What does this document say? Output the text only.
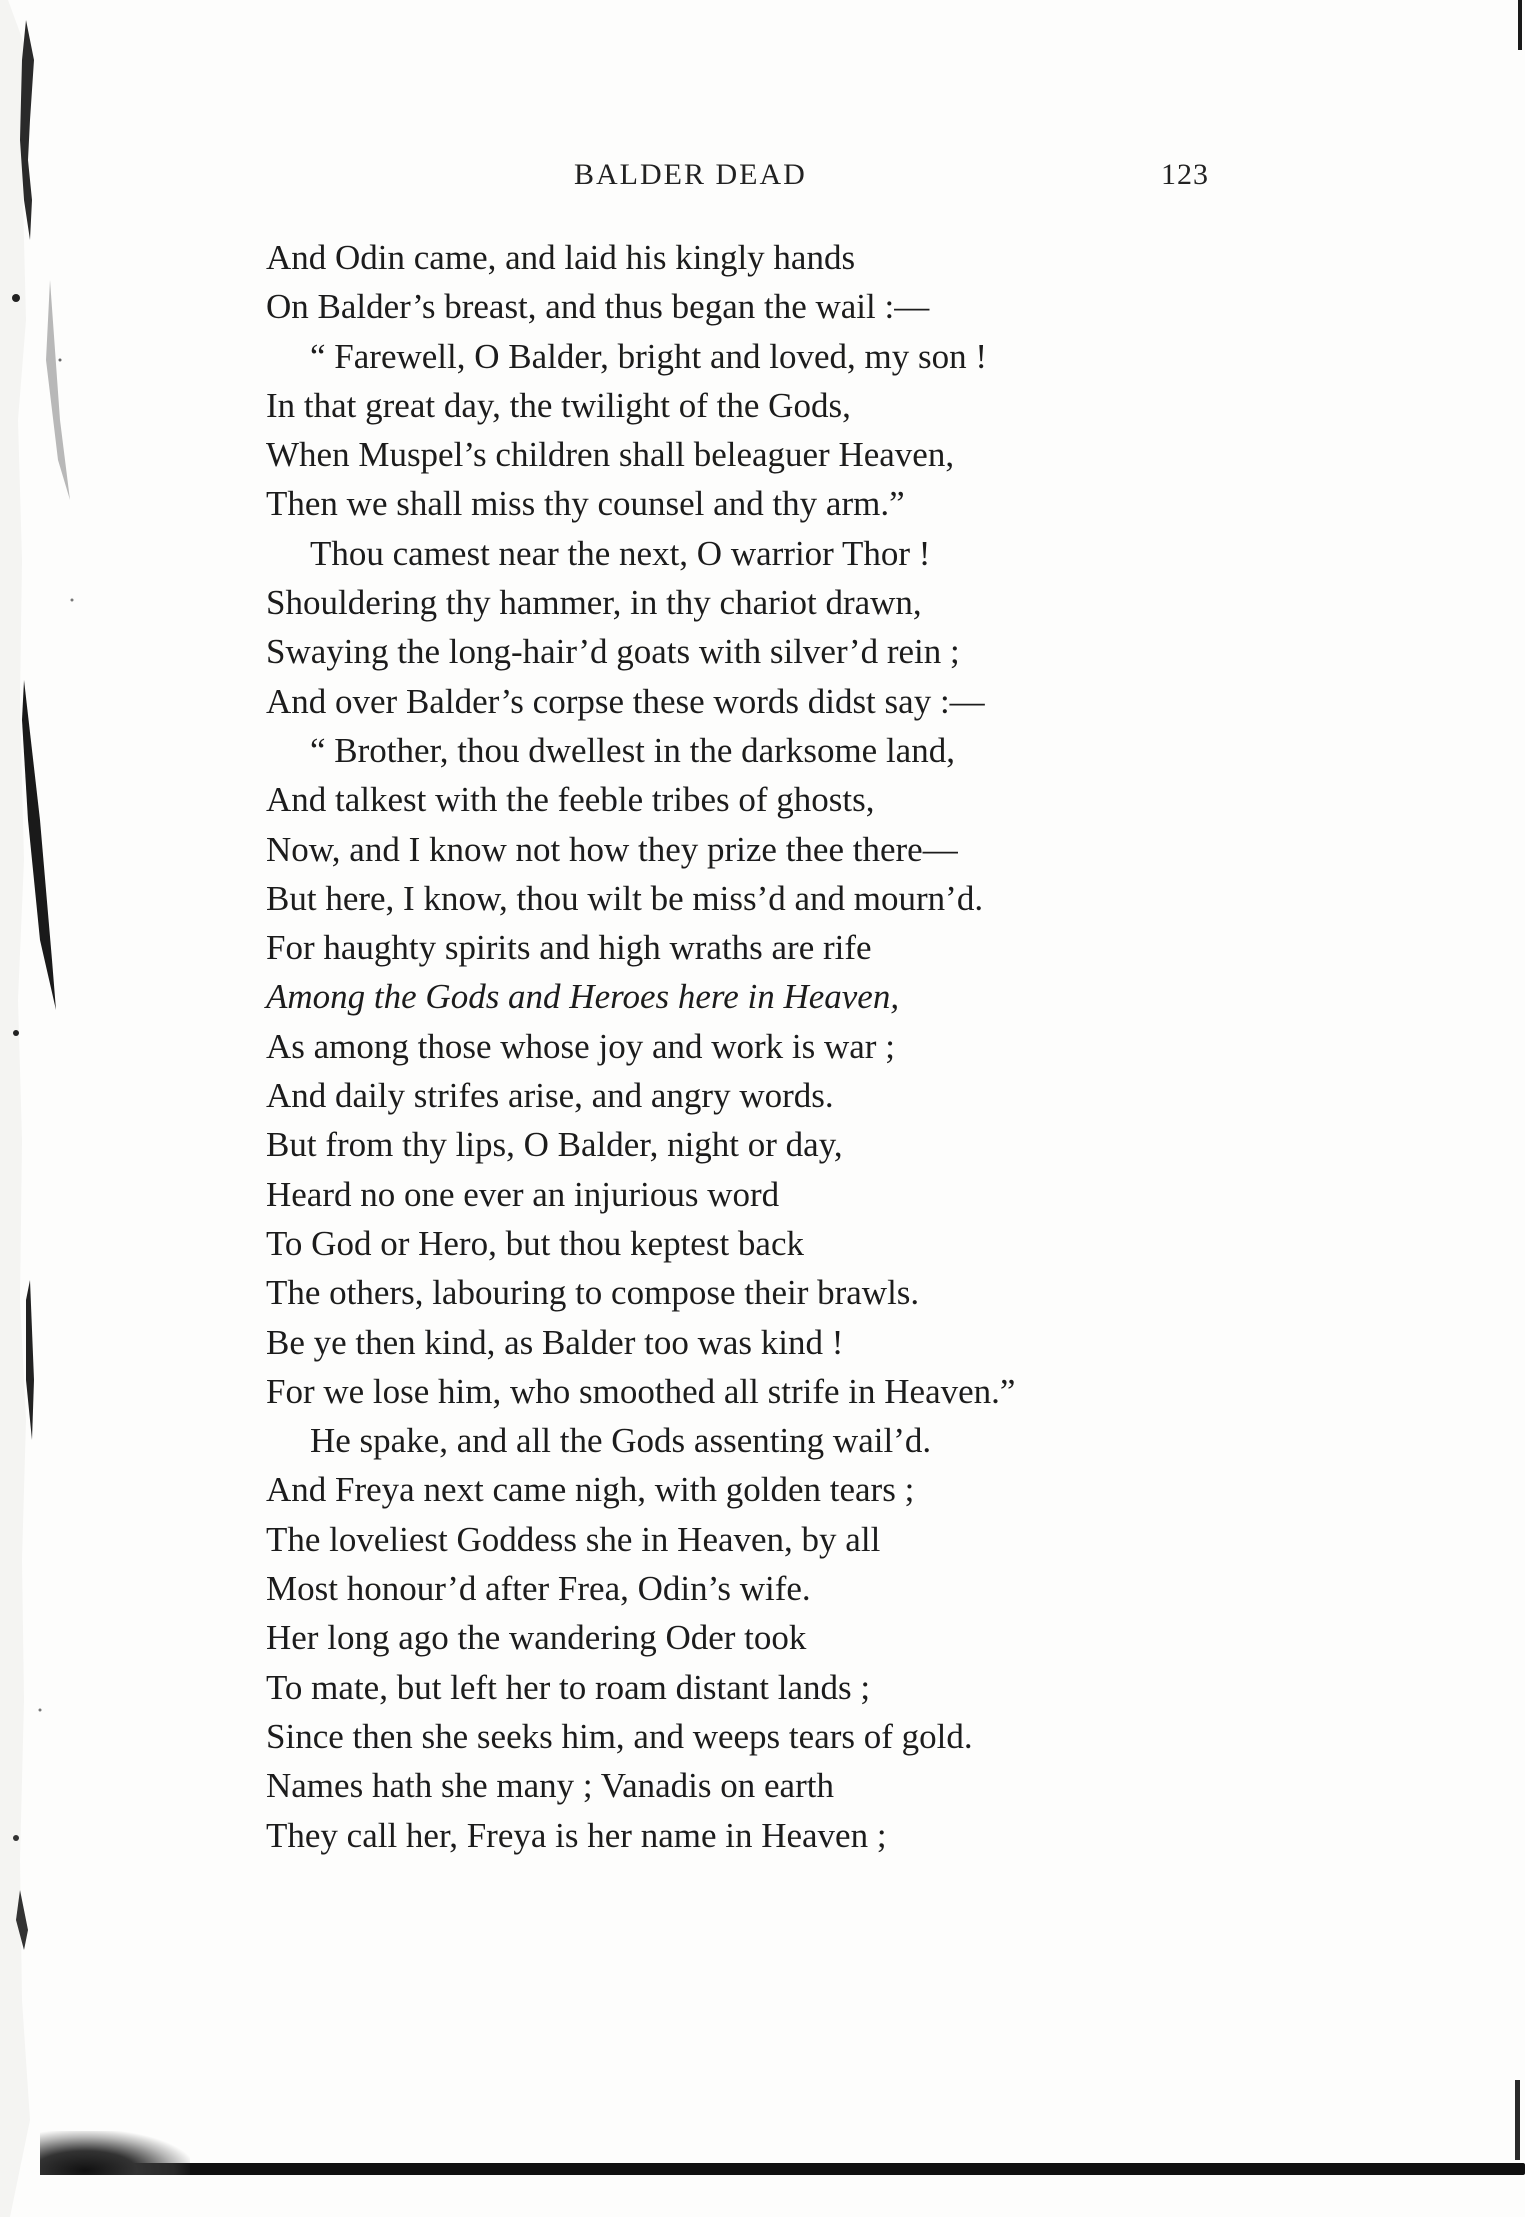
BALDER DEAD	123
And Odin came, and laid his kingly hands
On Balder’s breast, and thus began the wail :—
“ Farewell, O Balder, bright and loved, my son !
In that great day, the twilight of the Gods,
When Muspel’s children shall beleaguer Heaven,
Then we shall miss thy counsel and thy arm.”
Thou camest near the next, O warrior Thor !
Shouldering thy hammer, in thy chariot drawn,
Swaying the long-hair’d goats with silver’d rein ;
And over Balder’s corpse these words didst say :—
“ Brother, thou dwellest in the darksome land,
And talkest with the feeble tribes of ghosts,
Now, and I know not how they prize thee there—
But here, I know, thou wilt be miss’d and mourn’d.
For haughty spirits and high wraths are rife
Among the Gods and Heroes here in Heaven,
As among those whose joy and work is war ;
And daily strifes arise, and angry words.
But from thy lips, O Balder, night or day,
Heard no one ever an injurious word
To God or Hero, but thou keptest back
The others, labouring to compose their brawls.
Be ye then kind, as Balder too was kind !
For we lose him, who smoothed all strife in Heaven.”
He spake, and all the Gods assenting wail’d.
And Freya next came nigh, with golden tears ;
The loveliest Goddess she in Heaven, by all
Most honour’d after Frea, Odin’s wife.
Her long ago the wandering Oder took
To mate, but left her to roam distant lands ;
Since then she seeks him, and weeps tears of gold.
Names hath she many ; Vanadis on earth
They call her, Freya is her name in Heaven ;
